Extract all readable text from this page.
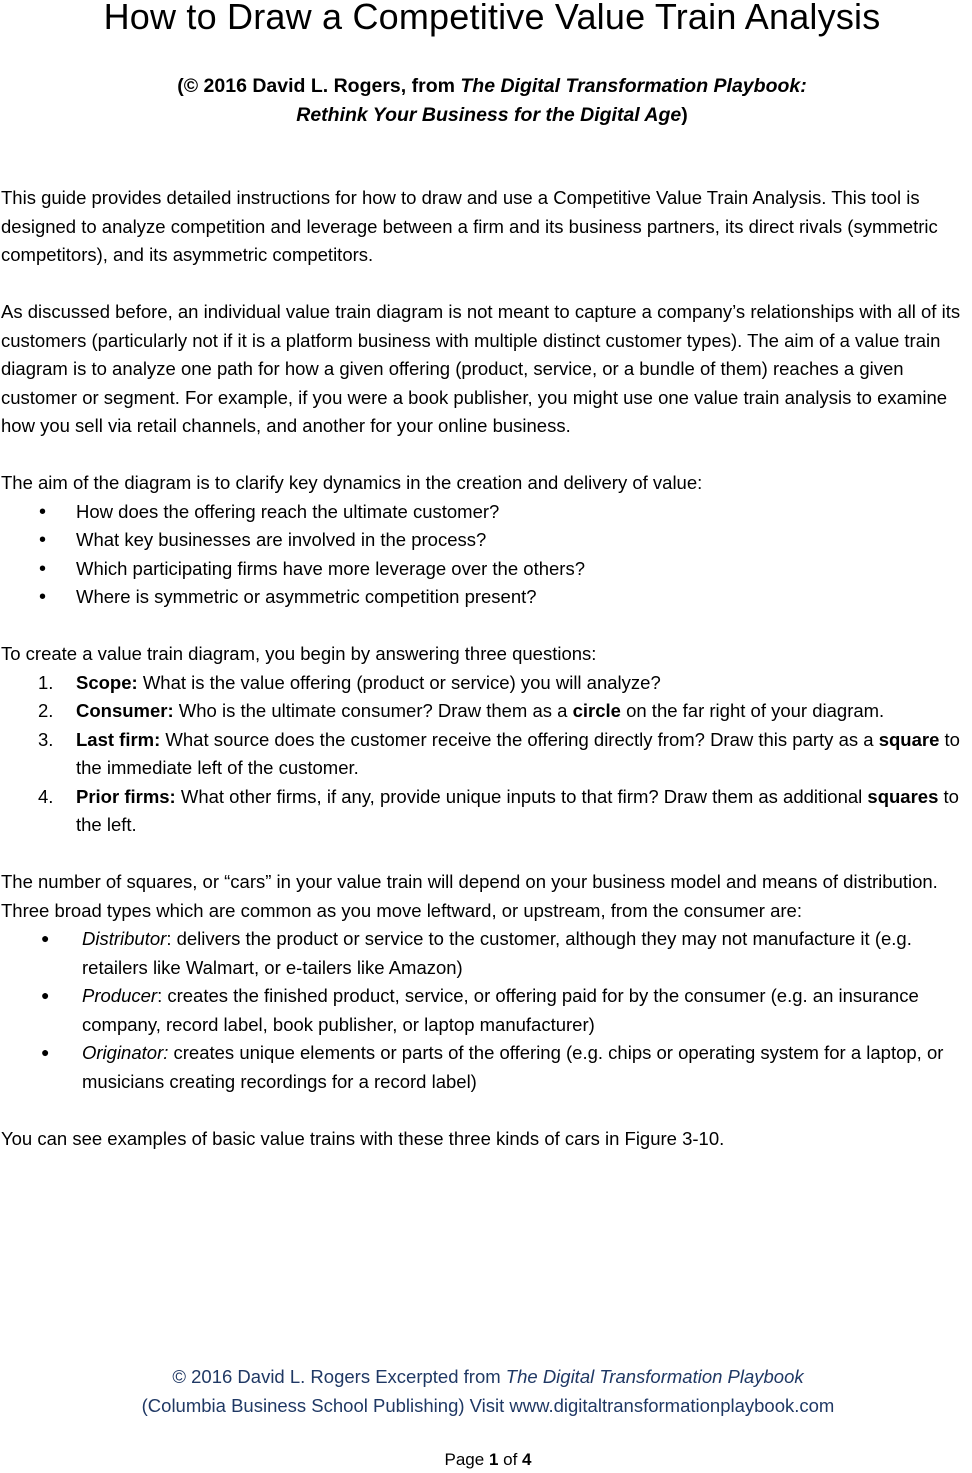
How to Draw a Competitive Value Train Analysis
(© 2016 David L. Rogers, from The Digital Transformation Playbook:
Rethink Your Business for the Digital Age)

This guide provides detailed instructions for how to draw and use a Competitive Value Train Analysis. This tool is designed to analyze competition and leverage between a firm and its business partners, its direct rivals (symmetric competitors), and its asymmetric competitors.

As discussed before, an individual value train diagram is not meant to capture a company’s relationships with all of its customers (particularly not if it is a platform business with multiple distinct customer types). The aim of a value train diagram is to analyze one path for how a given offering (product, service, or a bundle of them) reaches a given customer or segment. For example, if you were a book publisher, you might use one value train analysis to examine how you sell via retail channels, and another for your online business.

The aim of the diagram is to clarify key dynamics in the creation and delivery of value:

• How does the offering reach the ultimate customer?
• What key businesses are involved in the process?
• Which participating firms have more leverage over the others?
• Where is symmetric or asymmetric competition present?

To create a value train diagram, you begin by answering three questions:

1. Scope: What is the value offering (product or service) you will analyze?
2. Consumer: Who is the ultimate consumer? Draw them as a circle on the far right of your diagram.
3. Last firm: What source does the customer receive the offering directly from? Draw this party as a square to the immediate left of the customer.
4. Prior firms: What other firms, if any, provide unique inputs to that firm? Draw them as additional squares to the left.

The number of squares, or “cars” in your value train will depend on your business model and means of distribution. Three broad types which are common as you move leftward, or upstream, from the consumer are:

● Distributor: delivers the product or service to the customer, although they may not manufacture it (e.g. retailers like Walmart, or e-tailers like Amazon)
● Producer: creates the finished product, service, or offering paid for by the consumer (e.g. an insurance company, record label, book publisher, or laptop manufacturer)
● Originator: creates unique elements or parts of the offering (e.g. chips or operating system for a laptop, or musicians creating recordings for a record label)

You can see examples of basic value trains with these three kinds of cars in Figure 3-10.

© 2016 David L. Rogers Excerpted from The Digital Transformation Playbook
(Columbia Business School Publishing) Visit www.digitaltransformationplaybook.com
Page 1 of 4
